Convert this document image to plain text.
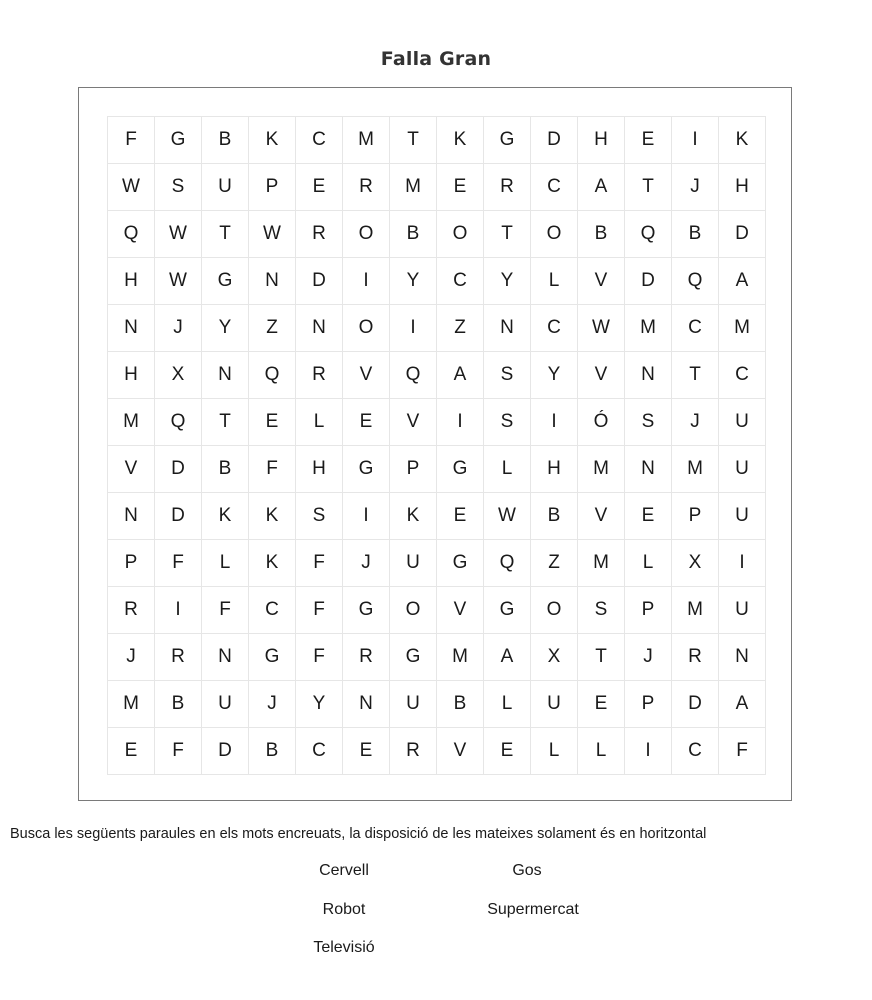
Falla Gran
F	G	B	K	C	M	T	K	G	D	H	E	I	K
W	S	U	P	E	R	M	E	R	C	A	T	J	H
Q	W	T	W	R	O	B	O	T	O	B	Q	B	D
H	W	G	N	D	I	Y	C	Y	L	V	D	Q	A
N	J	Y	Z	N	O	I	Z	N	C	W	M	C	M
H	X	N	Q	R	V	Q	A	S	Y	V	N	T	C
M	Q	T	E	L	E	V	I	S	I	Ó	S	J	U
V	D	B	F	H	G	P	G	L	H	M	N	M	U
N	D	K	K	S	I	K	E	W	B	V	E	P	U
P	F	L	K	F	J	U	G	Q	Z	M	L	X	I
R	I	F	C	F	G	O	V	G	O	S	P	M	U
J	R	N	G	F	R	G	M	A	X	T	J	R	N
M	B	U	J	Y	N	U	B	L	U	E	P	D	A
E	F	D	B	C	E	R	V	E	L	L	I	C	F
Busca les següents paraules en els mots encreuats, la disposició de les mateixes solament és en horitzontal
Cervell	Gos
Robot	Supermercat
Televisió
